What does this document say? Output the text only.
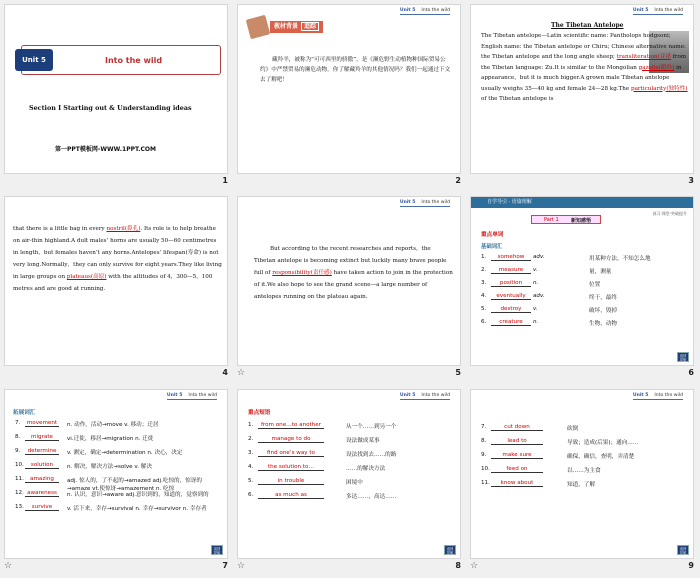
Unit 5	Into the wild
Section Ⅰ Starting out & Understanding ideas
第一PPT模板网-WWW.1PPT.COM
1
Unit 5 Into the wild
教材背景 追踪
藏羚羊，被称为“可可西里的骄傲”，是《濒危野生动植物种国际贸易公约》中严禁贸易的濒危动物。你了解藏羚羊的其他情况吗？我们一起通过下文去了解吧！
2
Unit 5 Into the wild
The Tibetan Antelope
The Tibetan antelope—Latin scientific name: Pantholops hodgsoni; English name: the Tibetan antelope or Chiru; Chinese alternative name: the Tibetan antelope and the long angle sheep; transliteration(音译 from the Tibetan language: Zu.It is similar to the Mongolian gazelle(瞪羚) in appearance，but it is much bigger.A grown male Tibetan antelope usually weighs 35—40 kg and female 24—28 kg.The particularity(独特性) of the Tibetan antelope is
3
that there is a little bag in every nostril(鼻孔). Its role is to help breathe on air-thin highland.A dult males’ horns are usually 50—60 centimetres in length，but females haven’t any horns.Antelopes’ lifespan(寿命) is not very long.Normally，they can only survive for eight years.They like living in large groups on plateaus(高原) with the altitudes of 4，300—5，100 metres and are good at running.
4
Unit 5 Into the wild
But according to the recent researches and reports，the Tibetan antelope is becoming extinct but luckily many brave people full of responsibility(责任感) have taken action to join in the protection of it.We also hope to see the grand scene—a large number of antelopes running on the plateau again.
☆	5
自学导引 · 语篇理解
预习·课堂·突破提升
Part 1	新知感悟
重点单词
基础词汇
返回导航
1. somehow adv.	用某种方法，不知怎么地
2. measure v.	量，测量
3. position n.	位置
4. eventually adv.	终于，最终
5.	destroy v.	破坏，毁掉
6. creature n.	生物，动物
6
Unit 5 Into the wild
拓展词汇
返回导航
7. movement n. 动作，活动→move v. 移动；迁居
8. migrate	vi.迁徙，移居→migration n. 迁徙
9. determine v. 测定，确定→determination n. 决心，决定
10. solution n. 解决，解决方法→solve v. 解决
11. amazing adj. 惊人的，了不起的→amazed adj.吃惊的，惊讶的→amaze vt.使惊讶→amazement n. 吃惊
12. awareness n. 认识，意识→aware adj.意识到的，知道的，觉察到的
13. survive	v. 活下来，幸存→survival n. 幸存→survivor n. 幸存者
☆	7
Unit 5 Into the wild
重点短语
返回导航
1. from one…to another	从一个……到另一个
2.	manage to do	设法做成某事
3. find one’s way to	设法找到去……的路
4.	the solution to…	……的解决方法
5.	in trouble	困境中
6.	as much as	多达……，高达……
☆	8
Unit 5 Into the wild
返回导航
7.	cut down	砍倒
8.	lead to	导致；造成(后果)；通向……
9.	make sure	确保，确信，查明，弄清楚
10.	feed on	以……为主食
11. know about	知道，了解
☆	9
